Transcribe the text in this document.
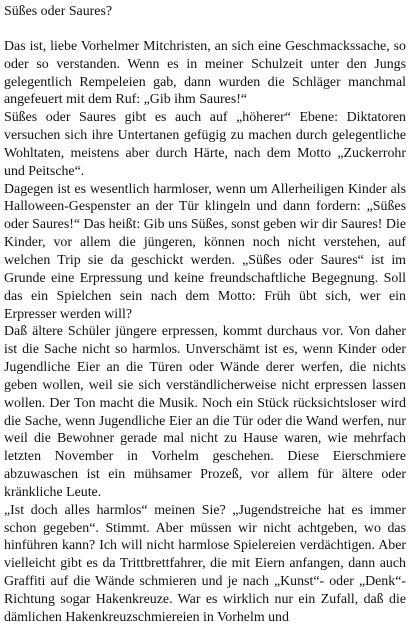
Süßes oder Saures?

Das ist, liebe Vorhelmer Mitchristen, an sich eine Geschmackssache, so oder so verstanden. Wenn es in meiner Schulzeit unter den Jungs gelegentlich Rempeleien gab, dann wurden die Schläger manchmal angefeuert mit dem Ruf: „Gib ihm Saures!“

Süßes oder Saures gibt es auch auf „höherer“ Ebene: Diktatoren versuchen sich ihre Untertanen gefügig zu machen durch gelegentliche Wohltaten, meistens aber durch Härte, nach dem Motto „Zuckerrohr und Peitsche“.

Dagegen ist es wesentlich harmloser, wenn um Allerheiligen Kinder als Halloween-Gespenster an der Tür klingeln und dann fordern: „Süßes oder Saures!“ Das heißt: Gib uns Süßes, sonst geben wir dir Saures! Die Kinder, vor allem die jüngeren, können noch nicht verstehen, auf welchen Trip sie da geschickt werden. „Süßes oder Saures“ ist im Grunde eine Erpressung und keine freundschaftliche Begegnung. Soll das ein Spielchen sein nach dem Motto: Früh übt sich, wer ein Erpresser werden will?

Daß ältere Schüler jüngere erpressen, kommt durchaus vor. Von daher ist die Sache nicht so harmlos. Unverschämt ist es, wenn Kinder oder Jugendliche Eier an die Türen oder Wände derer werfen, die nichts geben wollen, weil sie sich verständlicherweise nicht erpressen lassen wollen. Der Ton macht die Musik. Noch ein Stück rücksichtsloser wird die Sache, wenn Jugendliche Eier an die Tür oder die Wand werfen, nur weil die Bewohner gerade mal nicht zu Hause waren, wie mehrfach letzten November in Vorhelm geschehen. Diese Eierschmiere abzuwaschen ist ein mühsamer Prozeß, vor allem für ältere oder kränkliche Leute.

„Ist doch alles harmlos“ meinen Sie? „Jugendstreiche hat es immer schon gegeben“. Stimmt. Aber müssen wir nicht achtgeben, wo das hinführen kann? Ich will nicht harmlose Spielereien verdächtigen. Aber vielleicht gibt es da Trittbrettfahrer, die mit Eiern anfangen, dann auch Graffiti auf die Wände schmieren und je nach „Kunst“- oder „Denk“-Richtung sogar Hakenkreuze. War es wirklich nur ein Zufall, daß die dämlichen Hakenkreuzschmiereien in Vorhelm und
